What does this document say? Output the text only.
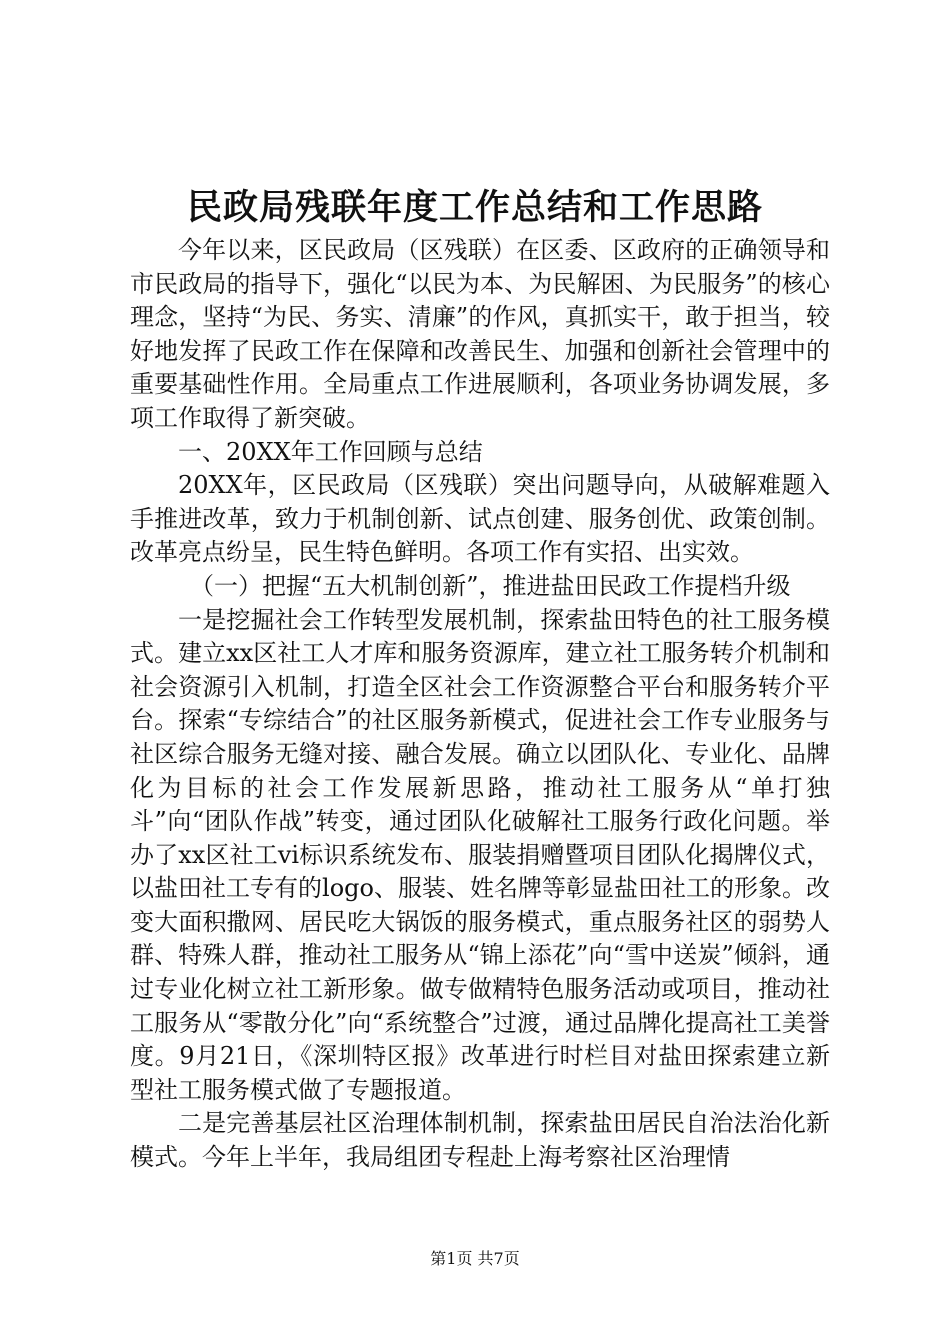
民政局残联年度工作总结和工作思路

今年以来，区民政局（区残联）在区委、区政府的正确领导和市民政局的指导下，强化“以民为本、为民解困、为民服务”的核心理念，坚持“为民、务实、清廉”的作风，真抓实干，敢于担当，较好地发挥了民政工作在保障和改善民生、加强和创新社会管理中的重要基础性作用。全局重点工作进展顺利，各项业务协调发展，多项工作取得了新突破。

一、20XX年工作回顾与总结

20XX年，区民政局（区残联）突出问题导向，从破解难题入手推进改革，致力于机制创新、试点创建、服务创优、政策创制。改革亮点纷呈，民生特色鲜明。各项工作有实招、出实效。

（一）把握“五大机制创新”，推进盐田民政工作提档升级

一是挖掘社会工作转型发展机制，探索盐田特色的社工服务模式。建立xx区社工人才库和服务资源库，建立社工服务转介机制和社会资源引入机制，打造全区社会工作资源整合平台和服务转介平台。探索“专综结合”的社区服务新模式，促进社会工作专业服务与社区综合服务无缝对接、融合发展。确立以团队化、专业化、品牌化为目标的社会工作发展新思路，推动社工服务从“单打独斗”向“团队作战”转变，通过团队化破解社工服务行政化问题。举办了xx区社工vi标识系统发布、服装捐赠暨项目团队化揭牌仪式，以盐田社工专有的logo、服装、姓名牌等彰显盐田社工的形象。改变大面积撒网、居民吃大锅饭的服务模式，重点服务社区的弱势人群、特殊人群，推动社工服务从“锦上添花”向“雪中送炭”倾斜，通过专业化树立社工新形象。做专做精特色服务活动或项目，推动社工服务从“零散分化”向“系统整合”过渡，通过品牌化提高社工美誉度。9月21日，《深圳特区报》改革进行时栏目对盐田探索建立新型社工服务模式做了专题报道。

二是完善基层社区治理体制机制，探索盐田居民自治法治化新模式。今年上半年，我局组团专程赴上海考察社区治理情

第1页 共7页
